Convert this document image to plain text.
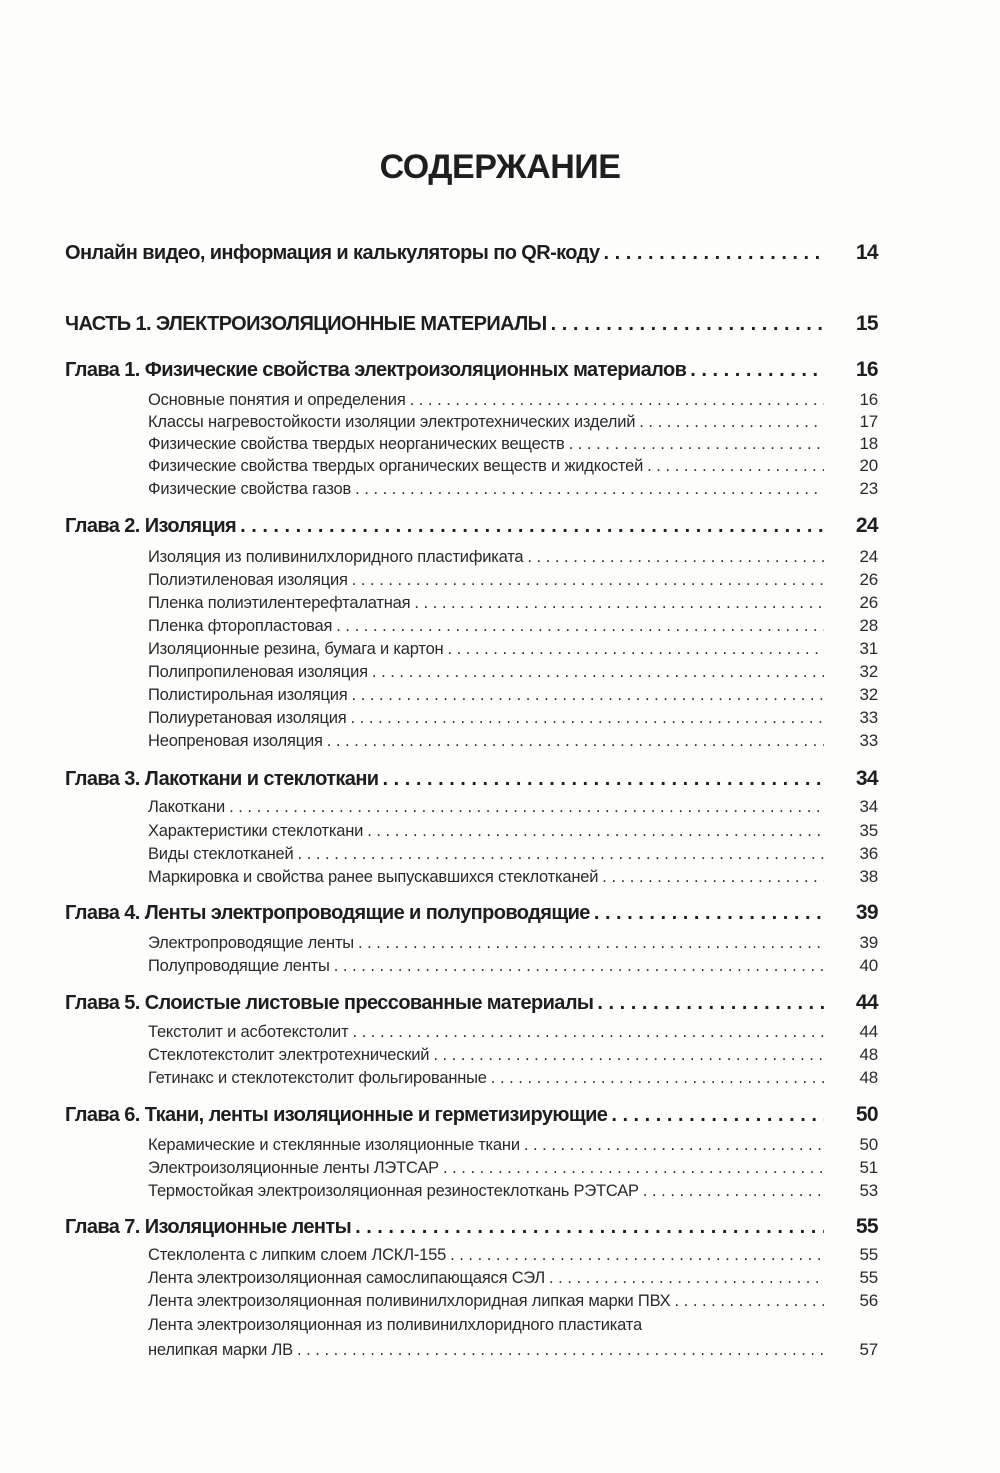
СОДЕРЖАНИЕ
Онлайн видео, информация и калькуляторы по QR-коду . . .	14
ЧАСТЬ 1. ЭЛЕКТРОИЗОЛЯЦИОННЫЕ МАТЕРИАЛЫ . . .	15
Глава 1. Физические свойства электроизоляционных материалов . . .	16
Основные понятия и определения . . .	16
Классы нагревостойкости изоляции электротехнических изделий . . .	17
Физические свойства твердых неорганических веществ . . .	18
Физические свойства твердых органических веществ и жидкостей . . .	20
Физические свойства газов . . .	23
Глава 2. Изоляция . . .	24
Изоляция из поливинилхлоридного пластификата . . .	24
Полиэтиленовая изоляция . . .	26
Пленка полиэтилентерефталатная . . .	26
Пленка фторопластовая . . .	28
Изоляционные резина, бумага и картон . . .	31
Полипропиленовая изоляция . . .	32
Полистирольная изоляция . . .	32
Полиуретановая изоляция . . .	33
Неопреновая изоляция . . .	33
Глава 3. Лакоткани и стеклоткани . . .	34
Лакоткани . . .	34
Характеристики стеклоткани . . .	35
Виды стеклотканей . . .	36
Маркировка и свойства ранее выпускавшихся стеклотканей . . .	38
Глава 4. Ленты электропроводящие и полупроводящие . . .	39
Электропроводящие ленты . . .	39
Полупроводящие ленты . . .	40
Глава 5. Слоистые листовые прессованные материалы . . .	44
Текстолит и асботекстолит . . .	44
Стеклотекстолит электротехнический . . .	48
Гетинакс и стеклотекстолит фольгированные . . .	48
Глава 6. Ткани, ленты изоляционные и герметизирующие . . .	50
Керамические и стеклянные изоляционные ткани . . .	50
Электроизоляционные ленты ЛЭТСАР . . .	51
Термостойкая электроизоляционная резиностеклоткань РЭТСАР . . .	53
Глава 7. Изоляционные ленты . . .	55
Стеклолента с липким слоем ЛСКЛ-155 . . .	55
Лента электроизоляционная самослипающаяся СЭЛ . . .	55
Лента электроизоляционная поливинилхлоридная липкая марки ПВХ . . .	56
Лента электроизоляционная из поливинилхлоридного пластиката
нелипкая марки ЛВ . . .	57
